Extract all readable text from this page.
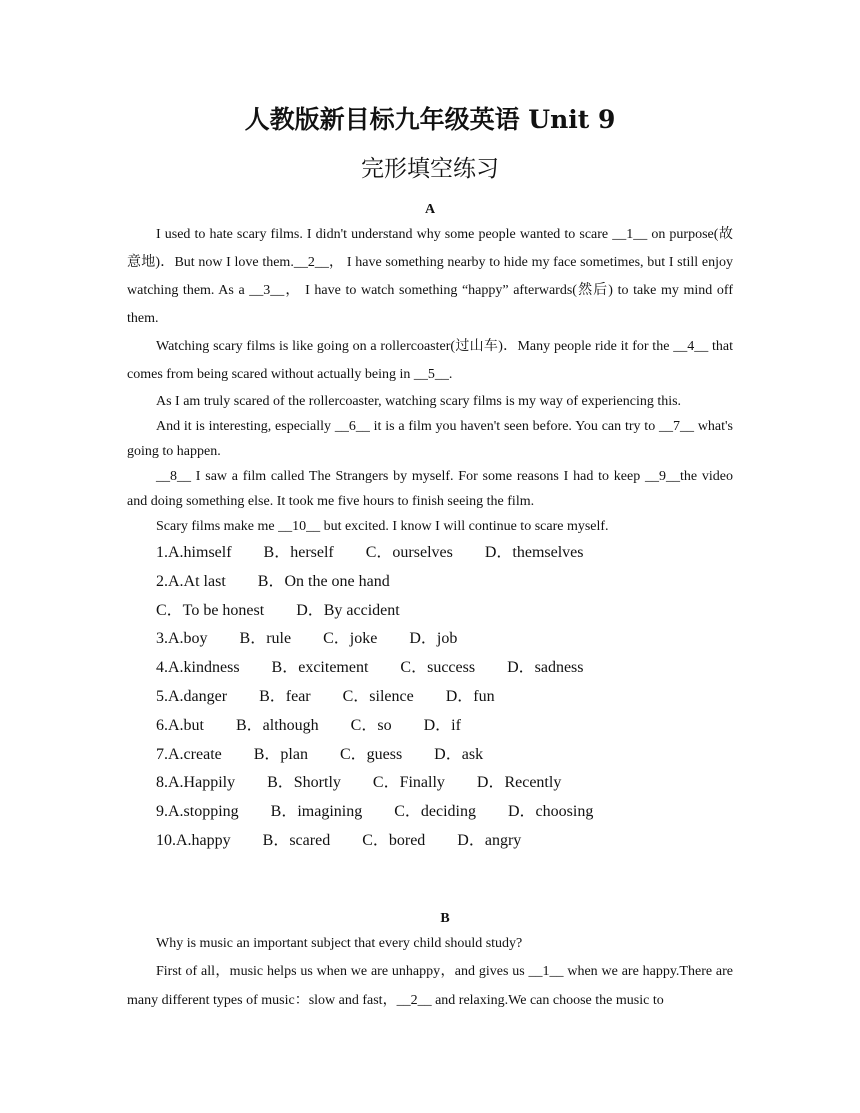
人教版新目标九年级英语 Unit 9
完形填空练习
A

I used to hate scary films. I didn't understand why some people wanted to scare __1__ on purpose(故意地)．But now I love them.__2__， I have something nearby to hide my face sometimes, but I still enjoy watching them. As a __3__， I have to watch something “happy” afterwards(然后) to take my mind off them.

Watching scary films is like going on a rollercoaster(过山车)．Many people ride it for the __4__ that comes from being scared without actually being in __5__.

As I am truly scared of the rollercoaster, watching scary films is my way of experiencing this.

And it is interesting, especially __6__ it is a film you haven't seen before. You can try to __7__ what's going to happen.

__8__ I saw a film called The Strangers by myself. For some reasons I had to keep __9__the video and doing something else. It took me five hours to finish seeing the film.

Scary films make me __10__ but excited. I know I will continue to scare myself.

1.A.himself　　B．herself　　C．ourselves　　D．themselves

2.A.At last　　B．On the one hand

C．To be honest　　D．By accident

3.A.boy　　B．rule　　C．joke　　D．job

4.A.kindness　　B．excitement　　C．success　　D．sadness

5.A.danger　　B．fear　　C．silence　　D．fun

6.A.but　　B．although　　C．so　　D．if

7.A.create　　B．plan　　C．guess　　D．ask

8.A.Happily　　B．Shortly　　C．Finally　　D．Recently

9.A.stopping　　B．imagining　　C．deciding　　D．choosing

10.A.happy　　B．scared　　C．bored　　D．angry

B

Why is music an important subject that every child should study?

First of all，music helps us when we are unhappy，and gives us __1__ when we are happy.There are many different types of music：slow and fast，__2__ and relaxing.We can choose the music to
